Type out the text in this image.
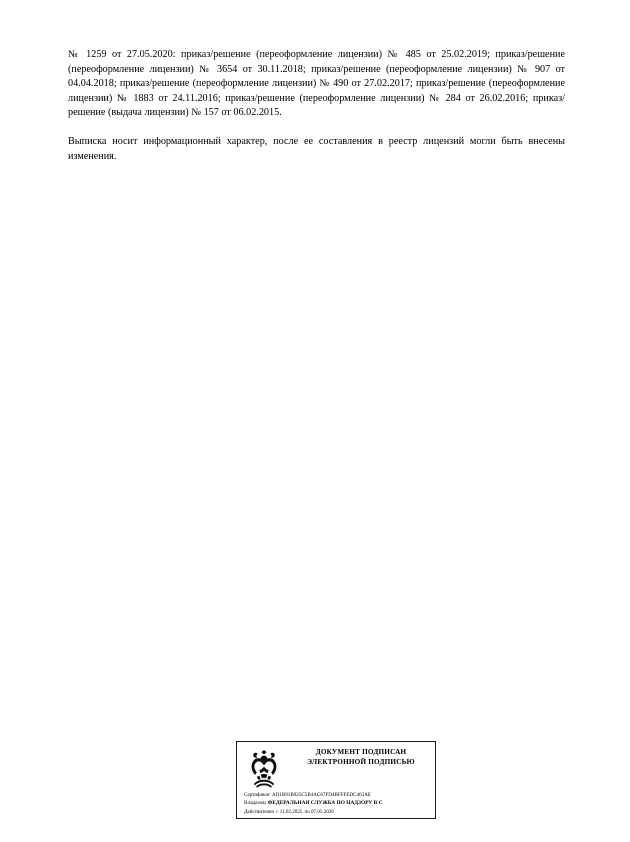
№ 1259 от 27.05.2020: приказ/решение (переоформление лицензии) № 485 от 25.02.2019; приказ/решение (переоформление лицензии) № 3654 от 30.11.2018; приказ/решение (переоформление лицензии) № 907 от 04.04.2018; приказ/решение (переоформление лицензии) № 490 от 27.02.2017; приказ/решение (переоформление лицензии) № 1883 от 24.11.2016; приказ/решение (переоформление лицензии) № 284 от 26.02.2016; приказ/решение (выдача лицензии) № 157 от 06.02.2015.

Выписка носит информационный характер, после ее составления в реестр лицензий могли быть внесены изменения.

ДОКУМЕНТ ПОДПИСАН
ЭЛЕКТРОННОЙ ПОДПИСЬЮ
Сертификат AD1B91B925C5B4AC67FD4BFFFEDC463AE
Владелец ФЕДЕРАЛЬНАЯ СЛУЖБА ПО НАДЗОРУ В С
Действителен с 11.02.2025 по 07.05.2026
